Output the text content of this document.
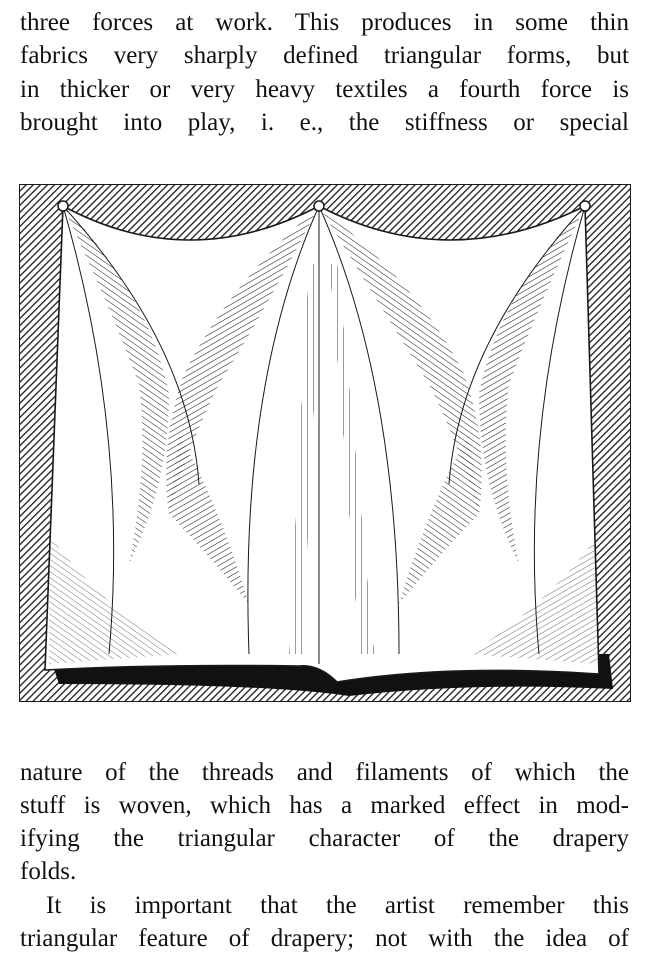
three forces at work. This produces in some thin
fabrics very sharply defined triangular forms, but
in thicker or very heavy textiles a fourth force is
brought into play, i. e., the stiffness or special
nature of the threads and filaments of which the
stuff is woven, which has a marked effect in mod-
ifying the triangular character of the drapery
folds.
It is important that the artist remember this
triangular feature of drapery; not with the idea of
